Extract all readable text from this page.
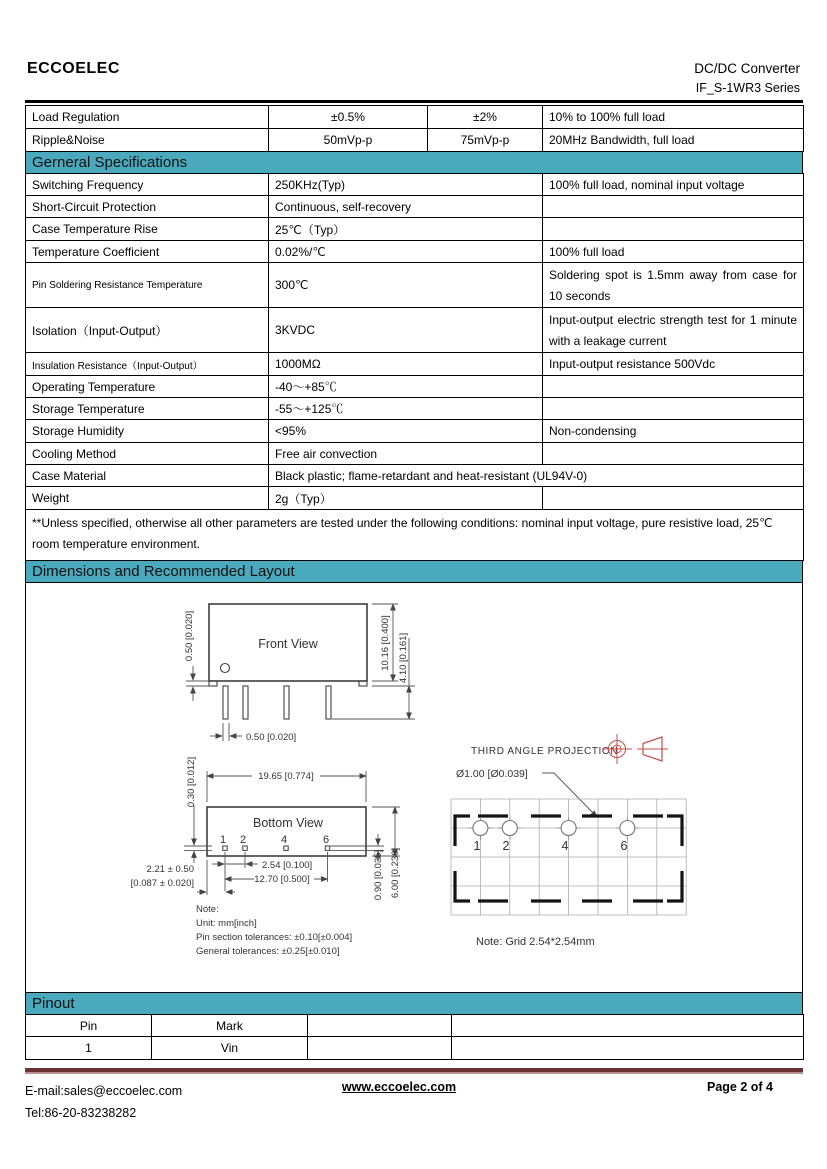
ECCOELEC	DC/DC Converter
IF_S-1WR3 Series
Load Regulation	±0.5%	±2%	10% to 100% full load
Ripple&Noise	50mVp-p	75mVp-p	20MHz Bandwidth, full load
Gerneral Specifications
Switching Frequency	250KHz(Typ)	100% full load, nominal input voltage
Short-Circuit Protection	Continuous, self-recovery	
Case Temperature Rise	25℃（Typ）	
Temperature Coefficient	0.02%/℃	100% full load
Pin Soldering Resistance Temperature	300℃	Soldering spot is 1.5mm away from case for 10 seconds
Isolation（Input-Output）	3KVDC	Input-output electric strength test for 1 minute with a leakage current
Insulation Resistance（Input-Output）	1000MΩ	Input-output resistance 500Vdc
Operating Temperature	-40～+85℃	
Storage Temperature	-55～+125℃	
Storage Humidity	<95%	Non-condensing
Cooling Method	Free air convection	
Case Material	Black plastic; flame-retardant and heat-resistant (UL94V-0)	
Weight	2g（Typ）	
**Unless specified, otherwise all other parameters are tested under the following conditions: nominal input voltage, pure resistive load, 25℃ room temperature environment.		
Dimensions and Recommended Layout
Front View
0.50 [0.020]	10.16 [0.400] 4.10 [0.161]
0.50 [0.020]
Bottom View
1 2	4	6
19.65 [0.774]
0.30 [0.012]
2.54 [0.100]
12.70 [0.500]
2.21 ± 0.50
[0.087 ± 0.020]	0.90 [0.035] 6.00 [0.236]
Note:
Unit: mm[inch]
Pin section tolerances: ±0.10[±0.004]
General tolerances: ±0.25[±0.010]
THIRD ANGLE PROJECTION
Ø1.00 [Ø0.039]
1 2	4	6
Note: Grid 2.54*2.54mm
Pinout
Pin	Mark		
1	Vin		
E-mail:sales@eccoelec.com
Tel:86-20-83238282
www.eccoelec.com	Page 2 of 4
